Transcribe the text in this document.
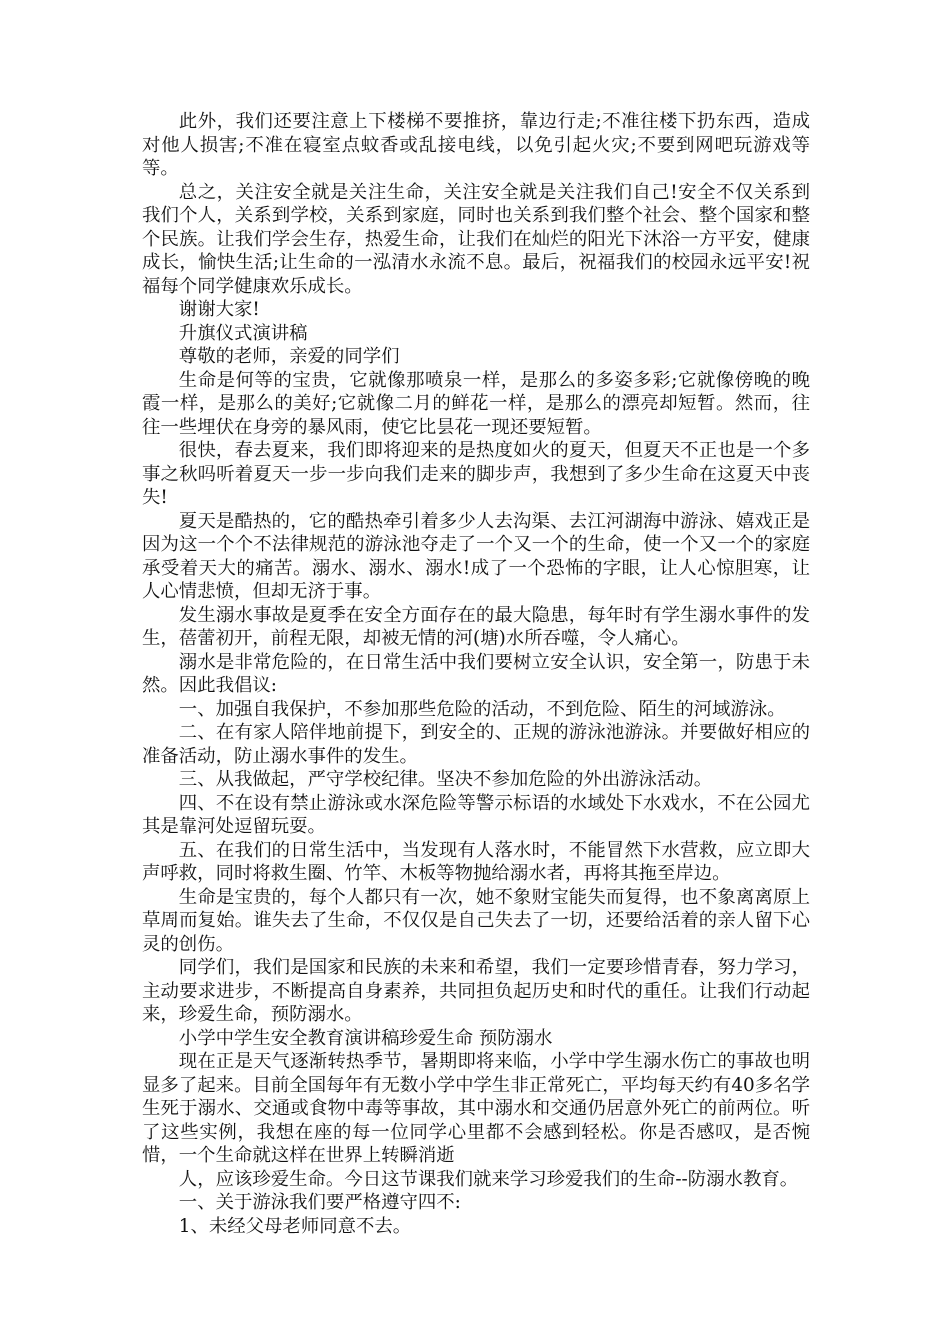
此外，我们还要注意上下楼梯不要推挤，靠边行走;不准往楼下扔东西，造成对他人损害;不准在寝室点蚊香或乱接电线，以免引起火灾;不要到网吧玩游戏等等。

总之，关注安全就是关注生命，关注安全就是关注我们自己!安全不仅关系到我们个人，关系到学校，关系到家庭，同时也关系到我们整个社会、整个国家和整个民族。让我们学会生存，热爱生命，让我们在灿烂的阳光下沐浴一方平安，健康成长，愉快生活;让生命的一泓清水永流不息。最后，祝福我们的校园永远平安!祝福每个同学健康欢乐成长。

谢谢大家!

升旗仪式演讲稿

尊敬的老师，亲爱的同学们

生命是何等的宝贵，它就像那喷泉一样，是那么的多姿多彩;它就像傍晚的晚霞一样，是那么的美好;它就像二月的鲜花一样，是那么的漂亮却短暂。然而，往往一些埋伏在身旁的暴风雨，使它比昙花一现还要短暂。

很快，春去夏来，我们即将迎来的是热度如火的夏天，但夏天不正也是一个多事之秋吗听着夏天一步一步向我们走来的脚步声，我想到了多少生命在这夏天中丧失!

夏天是酷热的，它的酷热牵引着多少人去沟渠、去江河湖海中游泳、嬉戏正是因为这一个个不法律规范的游泳池夺走了一个又一个的生命，使一个又一个的家庭承受着天大的痛苦。溺水、溺水、溺水!成了一个恐怖的字眼，让人心惊胆寒，让人心情悲愤，但却无济于事。

发生溺水事故是夏季在安全方面存在的最大隐患，每年时有学生溺水事件的发生，蓓蕾初开，前程无限，却被无情的河(塘)水所吞噬，令人痛心。

溺水是非常危险的，在日常生活中我们要树立安全认识，安全第一，防患于未然。因此我倡议:

一、加强自我保护，不参加那些危险的活动，不到危险、陌生的河域游泳。

二、在有家人陪伴地前提下，到安全的、正规的游泳池游泳。并要做好相应的准备活动，防止溺水事件的发生。

三、从我做起，严守学校纪律。坚决不参加危险的外出游泳活动。

四、不在设有禁止游泳或水深危险等警示标语的水域处下水戏水，不在公园尤其是靠河处逗留玩耍。

五、在我们的日常生活中，当发现有人落水时，不能冒然下水营救，应立即大声呼救，同时将救生圈、竹竿、木板等物抛给溺水者，再将其拖至岸边。

生命是宝贵的，每个人都只有一次，她不象财宝能失而复得，也不象离离原上草周而复始。谁失去了生命，不仅仅是自己失去了一切，还要给活着的亲人留下心灵的创伤。

同学们，我们是国家和民族的未来和希望，我们一定要珍惜青春，努力学习，主动要求进步，不断提高自身素养，共同担负起历史和时代的重任。让我们行动起来，珍爱生命，预防溺水。

小学中学生安全教育演讲稿珍爱生命 预防溺水

现在正是天气逐渐转热季节，暑期即将来临，小学中学生溺水伤亡的事故也明显多了起来。目前全国每年有无数小学中学生非正常死亡，平均每天约有40多名学生死于溺水、交通或食物中毒等事故，其中溺水和交通仍居意外死亡的前两位。听了这些实例，我想在座的每一位同学心里都不会感到轻松。你是否感叹，是否惋惜，一个生命就这样在世界上转瞬消逝

人，应该珍爱生命。今日这节课我们就来学习珍爱我们的生命--防溺水教育。

一、关于游泳我们要严格遵守四不:

1、未经父母老师同意不去。
